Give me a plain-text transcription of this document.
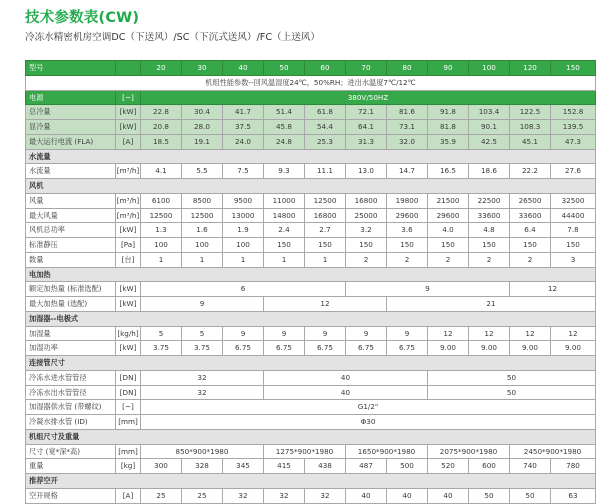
技术参数表(CW)
冷冻水精密机房空调DC（下送风）/SC（下沉式送风）/FC（上送风）
型号		20	30	40	50	60	70	80	90	100	120	150
机组性能参数--回风温湿度24℃，50%RH；进出水温度7℃/12℃												
电源	[~]	380V/50HZ										
总冷量	[kW]	22.8	30.4	41.7	51.4	61.8	72.1	81.6	91.8	103.4	122.5	152.8
显冷量	[kW]	20.8	28.0	37.5	45.8	54.4	64.1	73.1	81.8	90.1	108.3	139.5
最大运行电流 (FLA)	[A]	18.5	19.1	24.0	24.8	25.3	31.3	32.0	35.9	42.5	45.1	47.3
水流量												
水流量	[m³/h]	4.1	5.5	7.5	9.3	11.1	13.0	14.7	16.5	18.6	22.2	27.6
风机												
风量	[m³/h]	6100	8500	9500	11000	12500	16800	19800	21500	22500	26500	32500
最大风量	[m³/h]	12500	12500	13000	14800	16800	25000	29600	29600	33600	33600	44400
风机总功率	[kW]	1.3	1.6	1.9	2.4	2.7	3.2	3.6	4.0	4.8	6.4	7.8
标准静压	[Pa]	100	100	100	150	150	150	150	150	150	150	150
数量	[台]	1	1	1	1	1	2	2	2	2	2	3
电加热												
额定加热量 (标准选配)	[kW]	6					9				12	
最大加热量 (选配)	[kW]	9			12			21				
加湿器--电极式												
加湿量	[kg/h]	5	5	9	9	9	9	9	12	12	12	12
加湿功率	[kW]	3.75	3.75	6.75	6.75	6.75	6.75	6.75	9.00	9.00	9.00	9.00
连接管尺寸												
冷冻水进水管管径	[DN]	32			40				50			
冷冻水出水管管径	[DN]	32			40				50			
加湿器供水管 (带螺纹)	[~]	G1/2"										
冷凝水排水管 (ID)	[mm]	Φ30										
机组尺寸及重量												
尺寸 (宽*深*高)	[mm]	850*900*1980			1275*900*1980		1650*900*1980		2075*900*1980		2450*900*1980	
重量	[kg]	300	328	345	415	438	487	500	520	600	740	780
推荐空开												
空开规格	[A]	25	25	32	32	32	40	40	40	50	50	63
